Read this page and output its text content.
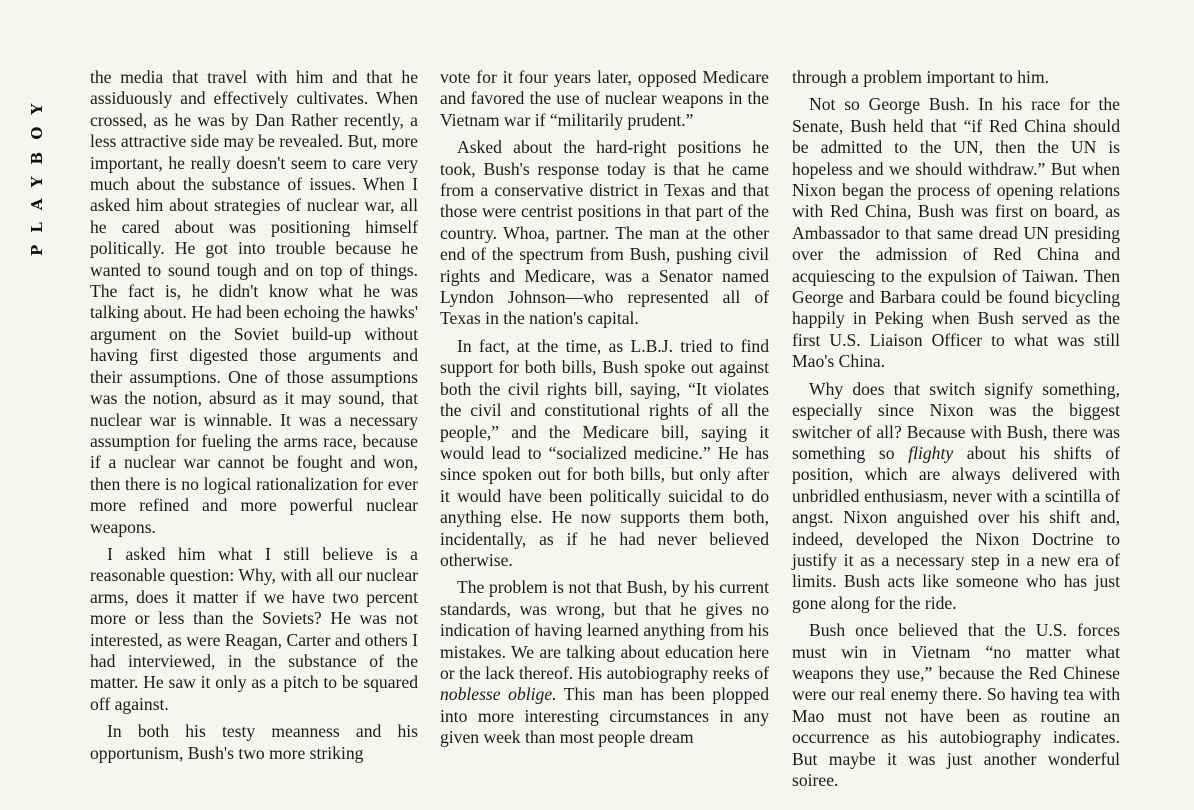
PLAYBOY

the media that travel with him and that he assiduously and effectively cultivates. When crossed, as he was by Dan Rather recently, a less attractive side may be revealed. But, more important, he really doesn't seem to care very much about the substance of issues. When I asked him about strategies of nuclear war, all he cared about was positioning himself politically. He got into trouble because he wanted to sound tough and on top of things. The fact is, he didn't know what he was talking about. He had been echoing the hawks' argument on the Soviet build-up without having first digested those arguments and their assumptions. One of those assumptions was the notion, absurd as it may sound, that nuclear war is winnable. It was a necessary assumption for fueling the arms race, because if a nuclear war cannot be fought and won, then there is no logical rationalization for ever more refined and more powerful nuclear weapons.

I asked him what I still believe is a reasonable question: Why, with all our nuclear arms, does it matter if we have two percent more or less than the Soviets? He was not interested, as were Reagan, Carter and others I had interviewed, in the substance of the matter. He saw it only as a pitch to be squared off against.

In both his testy meanness and his opportunism, Bush's two more striking

vote for it four years later, opposed Medicare and favored the use of nuclear weapons in the Vietnam war if “militarily prudent.”

Asked about the hard-right positions he took, Bush's response today is that he came from a conservative district in Texas and that those were centrist positions in that part of the country. Whoa, partner. The man at the other end of the spectrum from Bush, pushing civil rights and Medicare, was a Senator named Lyndon Johnson—who represented all of Texas in the nation's capital.

In fact, at the time, as L.B.J. tried to find support for both bills, Bush spoke out against both the civil rights bill, saying, “It violates the civil and constitutional rights of all the people,” and the Medicare bill, saying it would lead to “socialized medicine.” He has since spoken out for both bills, but only after it would have been politically suicidal to do anything else. He now supports them both, incidentally, as if he had never believed otherwise.

The problem is not that Bush, by his current standards, was wrong, but that he gives no indication of having learned anything from his mistakes. We are talking about education here or the lack thereof. His autobiography reeks of noblesse oblige. This man has been plopped into more interesting circumstances in any given week than most people dream

through a problem important to him.

Not so George Bush. In his race for the Senate, Bush held that “if Red China should be admitted to the UN, then the UN is hopeless and we should withdraw.” But when Nixon began the process of opening relations with Red China, Bush was first on board, as Ambassador to that same dread UN presiding over the admission of Red China and acquiescing to the expulsion of Taiwan. Then George and Barbara could be found bicycling happily in Peking when Bush served as the first U.S. Liaison Officer to what was still Mao's China.

Why does that switch signify something, especially since Nixon was the biggest switcher of all? Because with Bush, there was something so flighty about his shifts of position, which are always delivered with unbridled enthusiasm, never with a scintilla of angst. Nixon anguished over his shift and, indeed, developed the Nixon Doctrine to justify it as a necessary step in a new era of limits. Bush acts like someone who has just gone along for the ride.

Bush once believed that the U.S. forces must win in Vietnam “no matter what weapons they use,” because the Red Chinese were our real enemy there. So having tea with Mao must not have been as routine an occurrence as his autobiography indicates. But maybe it was just another wonderful soiree.
